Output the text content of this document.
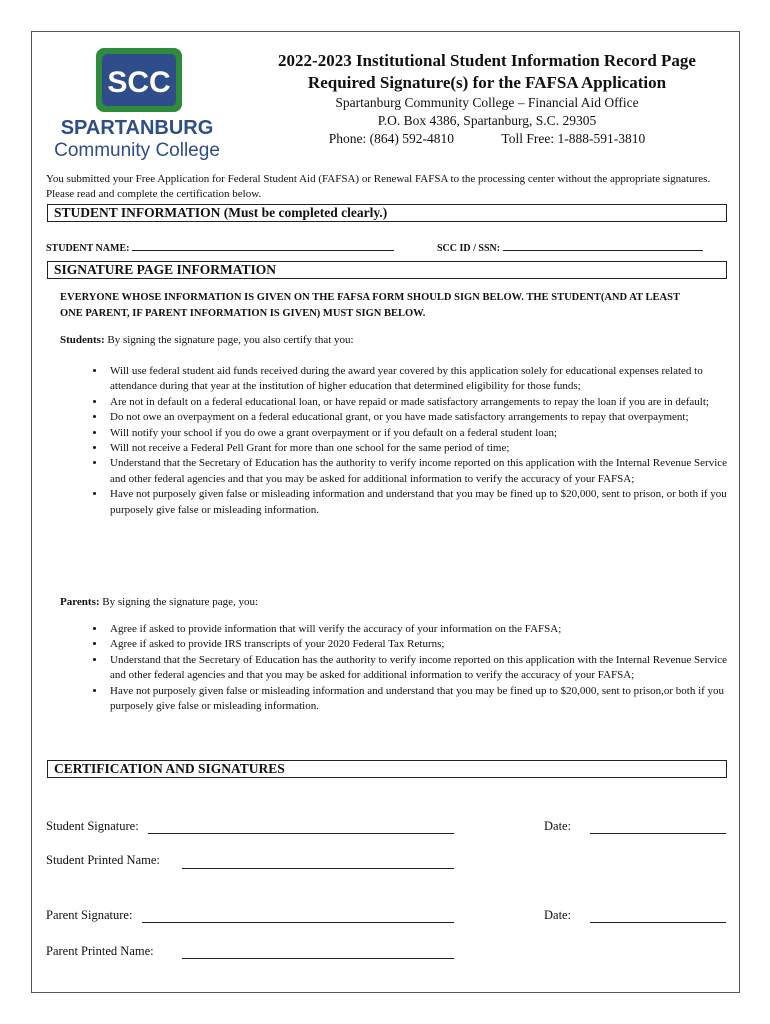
SCC
SPARTANBURG
Community College
2022-2023 Institutional Student Information Record Page
Required Signature(s) for the FAFSA Application
Spartanburg Community College – Financial Aid Office
P.O. Box 4386, Spartanburg, S.C. 29305
Phone: (864) 592-4810	Toll Free: 1-888-591-3810
You submitted your Free Application for Federal Student Aid (FAFSA) or Renewal FAFSA to the processing center without the appropriate signatures. Please read and complete the certification below.
STUDENT INFORMATION (Must be completed clearly.)
STUDENT NAME:	SCC ID / SSN:
SIGNATURE PAGE INFORMATION
EVERYONE WHOSE INFORMATION IS GIVEN ON THE FAFSA FORM SHOULD SIGN BELOW. THE STUDENT(AND AT LEAST ONE PARENT, IF PARENT INFORMATION IS GIVEN) MUST SIGN BELOW.
Students: By signing the signature page, you also certify that you:
• Will use federal student aid funds received during the award year covered by this application solely for educational expenses related to attendance during that year at the institution of higher education that determined eligibility for those funds;
• Are not in default on a federal educational loan, or have repaid or made satisfactory arrangements to repay the loan if you are in default;
• Do not owe an overpayment on a federal educational grant, or you have made satisfactory arrangements to repay that overpayment;
• Will notify your school if you do owe a grant overpayment or if you default on a federal student loan;
• Will not receive a Federal Pell Grant for more than one school for the same period of time;
• Understand that the Secretary of Education has the authority to verify income reported on this application with the Internal Revenue Service and other federal agencies and that you may be asked for additional information to verify the accuracy of your FAFSA;
• Have not purposely given false or misleading information and understand that you may be fined up to $20,000, sent to prison, or both if you purposely give false or misleading information.
Parents: By signing the signature page, you:
• Agree if asked to provide information that will verify the accuracy of your information on the FAFSA;
• Agree if asked to provide IRS transcripts of your 2020 Federal Tax Returns;
• Understand that the Secretary of Education has the authority to verify income reported on this application with the Internal Revenue Service and other federal agencies and that you may be asked for additional information to verify the accuracy of your FAFSA;
• Have not purposely given false or misleading information and understand that you may be fined up to $20,000, sent to prison,or both if you purposely give false or misleading information.
CERTIFICATION AND SIGNATURES
Student Signature:	Date:
Student Printed Name:
Parent Signature:	Date:
Parent Printed Name:
